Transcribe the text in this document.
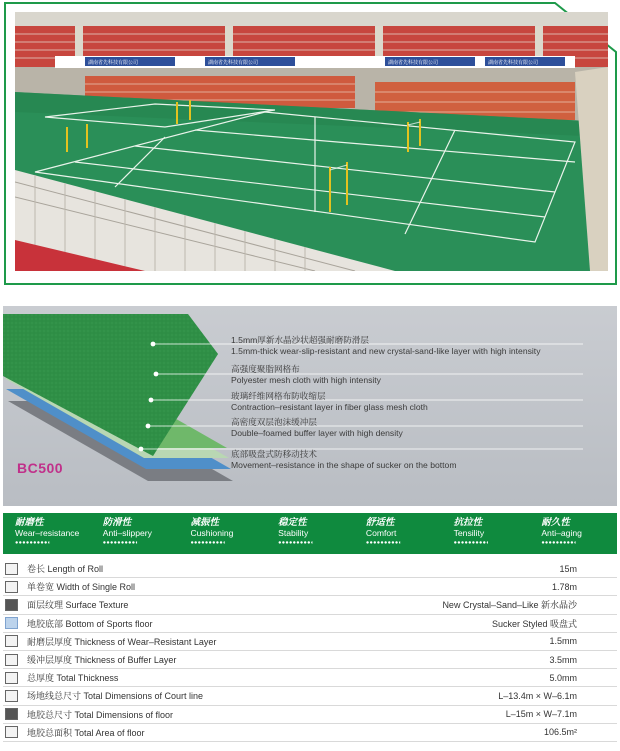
湖南省先科技有限公司	湖南省先科技有限公司	湖南省先科技有限公司	湖南省先科技有限公司
1.5mm厚新水晶沙状超强耐磨防滑层
1.5mm-thick wear-slip-resistant and new crystal-sand-like layer with high intensity
高强度聚脂网格布
Polyester mesh cloth with high intensity
玻璃纤维网格布防收缩层
Contraction–resistant layer in fiber glass mesh cloth
高密度双层泡沫缓冲层
Double–foamed buffer layer with high density
底部吸盘式防移动技术
Movement–resistance in the shape of sucker on the bottom
BC500
耐磨性
Wear–resistance
●●●●●●●●●◐
防滑性
Anti–slippery
●●●●●●●●●◐
减振性
Cushioning
●●●●●●●●●◐
稳定性
Stability
●●●●●●●●●◐
舒适性
Comfort
●●●●●●●●●◐
抗拉性
Tensility
●●●●●●●●●◐
耐久性
Anti–aging
●●●●●●●●●◐
卷长 Length of Roll	15m
单卷宽 Width of Single Roll	1.78m
面层纹理 Surface Texture	New Crystal–Sand–Like 新水晶沙
地胶底部 Bottom of Sports floor	Sucker Styled 吸盘式
耐磨层厚度 Thickness of Wear–Resistant Layer	1.5mm
缓冲层厚度 Thickness of Buffer Layer	3.5mm
总厚度 Total Thickness	5.0mm
场地线总尺寸 Total Dimensions of Court line	L–13.4m × W–6.1m
地胶总尺寸 Total Dimensions of floor	L–15m × W–7.1m
地胶总面积 Total Area of floor	106.5m²
